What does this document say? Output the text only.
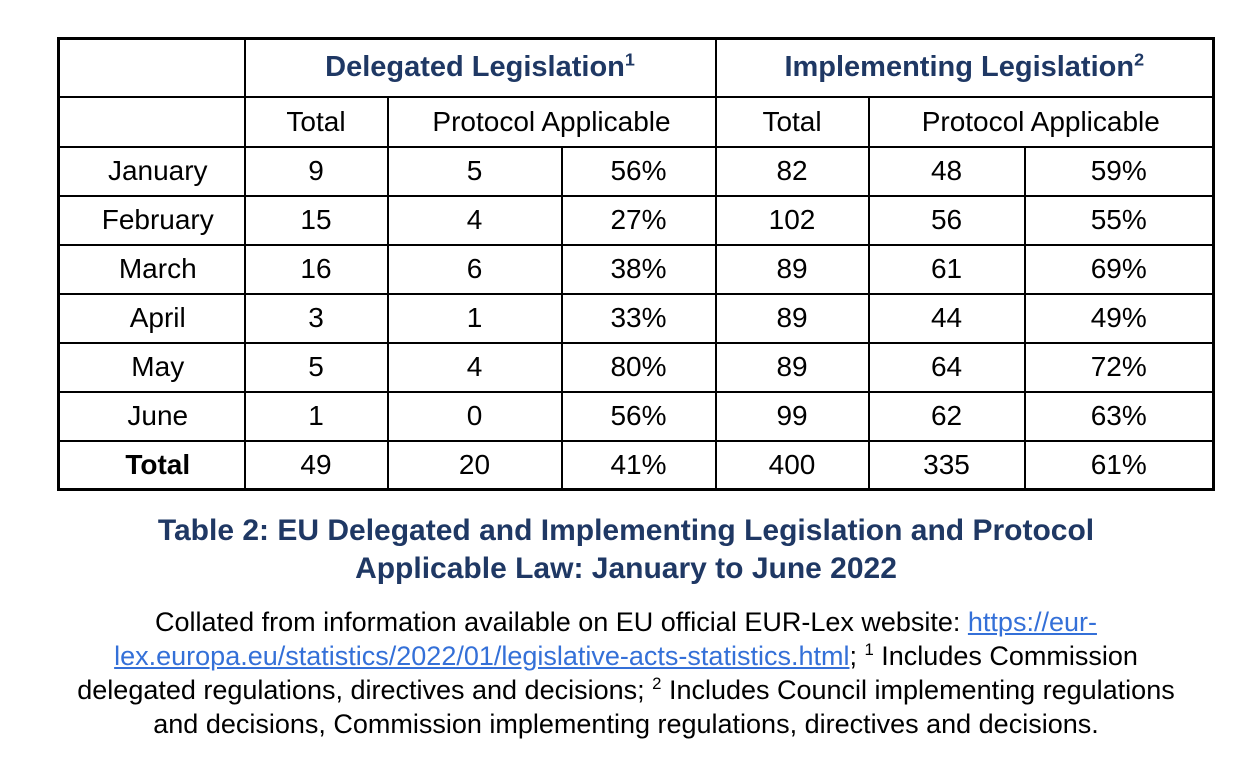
	Delegated Legislation$^1$			Implementing Legislation$^2$
	Total	Protocol Applicable		Total	Protocol Applicable	
January	9	5	56%	82	48	59%
February	15	4	27%	102	56	55%
March	16	6	38%	89	61	69%
April	3	1	33%	89	44	49%
May	5	4	80%	89	64	72%
June	1	0	56%	99	62	63%
Total	49	20	41%	400	335	61%
Table 2: EU Delegated and Implementing Legislation and Protocol
Applicable Law: January to June 2022

Collated from information available on EU official EUR-Lex website: https://eur-lex.europa.eu/statistics/2022/01/legislative-acts-statistics.html; $^1$ Includes Commission delegated regulations, directives and decisions; $^2$ Includes Council implementing regulations and decisions, Commission implementing regulations, directives and decisions.
